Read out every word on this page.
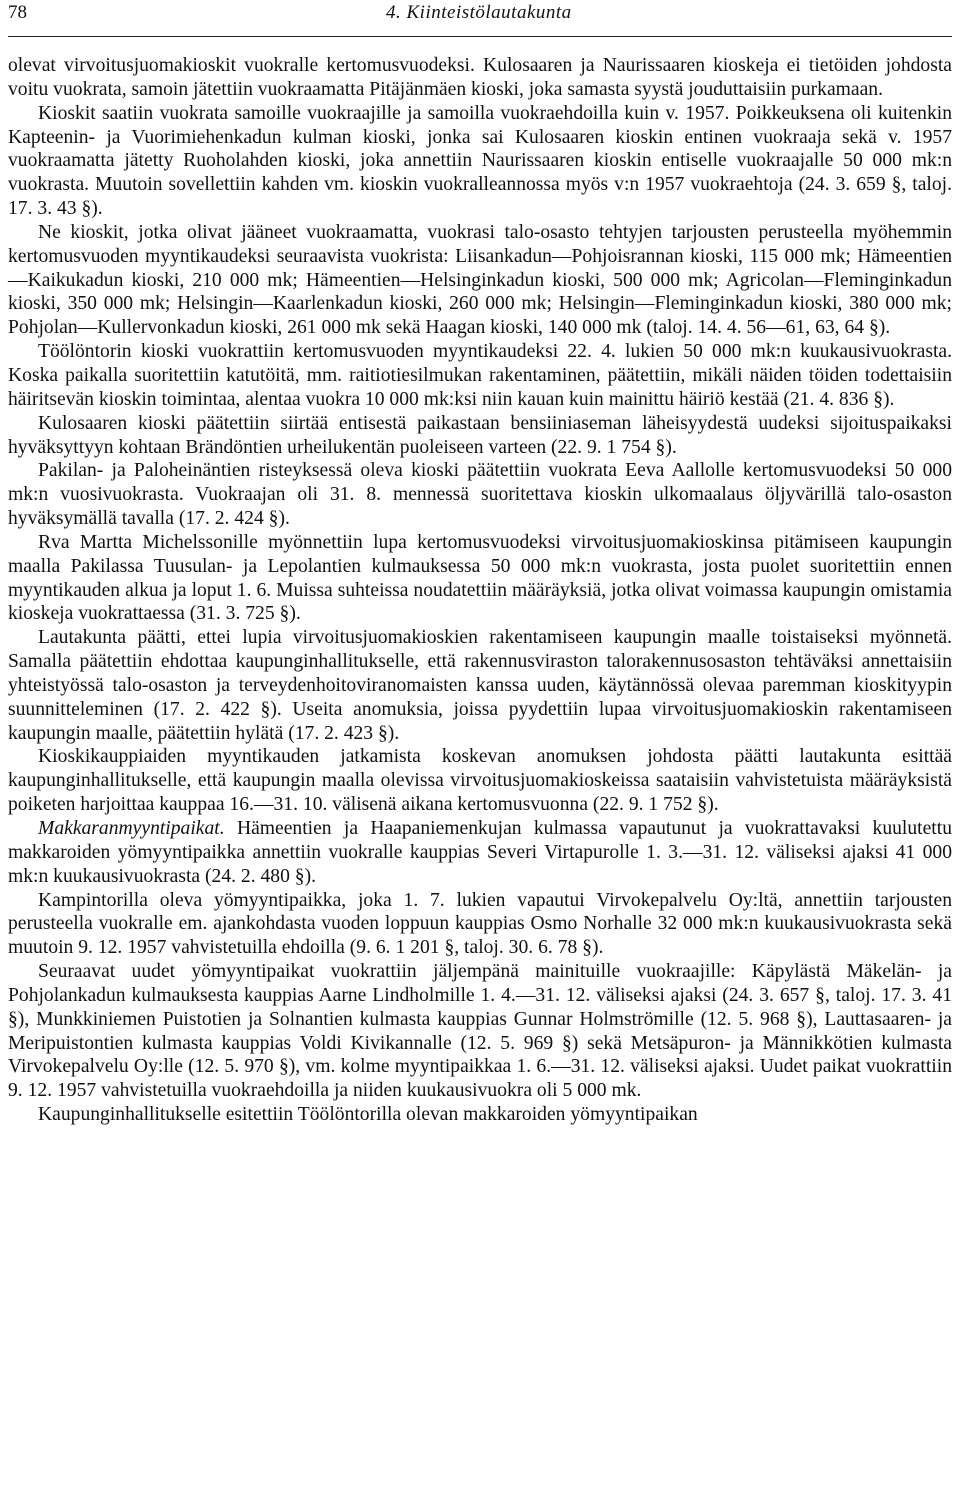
78	4. Kiinteistölautakunta

olevat virvoitusjuomakioskit vuokralle kertomusvuodeksi. Kulosaaren ja Naurissaaren kioskeja ei tietöiden johdosta voitu vuokrata, samoin jätettiin vuokraamatta Pitäjänmäen kioski, joka samasta syystä jouduttaisiin purkamaan.

Kioskit saatiin vuokrata samoille vuokraajille ja samoilla vuokraehdoilla kuin v. 1957. Poikkeuksena oli kuitenkin Kapteenin- ja Vuorimiehenkadun kulman kioski, jonka sai Kulosaaren kioskin entinen vuokraaja sekä v. 1957 vuokraamatta jätetty Ruoholahden kioski, joka annettiin Naurissaaren kioskin entiselle vuokraajalle 50 000 mk:n vuokrasta. Muutoin sovellettiin kahden vm. kioskin vuokralleannossa myös v:n 1957 vuokraehtoja (24. 3. 659 §, taloj. 17. 3. 43 §).

Ne kioskit, jotka olivat jääneet vuokraamatta, vuokrasi talo-osasto tehtyjen tarjousten perusteella myöhemmin kertomusvuoden myyntikaudeksi seuraavista vuokrista: Liisankadun—Pohjoisrannan kioski, 115 000 mk; Hämeentien—Kaikukadun kioski, 210 000 mk; Hämeentien—Helsinginkadun kioski, 500 000 mk; Agricolan—Fleminginkadun kioski, 350 000 mk; Helsingin—Kaarlenkadun kioski, 260 000 mk; Helsingin—Fleminginkadun kioski, 380 000 mk; Pohjolan—Kullervonkadun kioski, 261 000 mk sekä Haagan kioski, 140 000 mk (taloj. 14. 4. 56—61, 63, 64 §).

Töölöntorin kioski vuokrattiin kertomusvuoden myyntikaudeksi 22. 4. lukien 50 000 mk:n kuukausivuokrasta. Koska paikalla suoritettiin katutöitä, mm. raitiotiesilmukan rakentaminen, päätettiin, mikäli näiden töiden todettaisiin häiritsevän kioskin toimintaa, alentaa vuokra 10 000 mk:ksi niin kauan kuin mainittu häiriö kestää (21. 4. 836 §).

Kulosaaren kioski päätettiin siirtää entisestä paikastaan bensiiniaseman läheisyydestä uudeksi sijoituspaikaksi hyväksyttyyn kohtaan Brändöntien urheilukentän puoleiseen varteen (22. 9. 1 754 §).

Pakilan- ja Paloheinäntien risteyksessä oleva kioski päätettiin vuokrata Eeva Aallolle kertomusvuodeksi 50 000 mk:n vuosivuokrasta. Vuokraajan oli 31. 8. mennessä suoritettava kioskin ulkomaalaus öljyvärillä talo-osaston hyväksymällä tavalla (17. 2. 424 §).

Rva Martta Michelssonille myönnettiin lupa kertomusvuodeksi virvoitusjuomakioskinsa pitämiseen kaupungin maalla Pakilassa Tuusulan- ja Lepolantien kulmauksessa 50 000 mk:n vuokrasta, josta puolet suoritettiin ennen myyntikauden alkua ja loput 1. 6. Muissa suhteissa noudatettiin määräyksiä, jotka olivat voimassa kaupungin omistamia kioskeja vuokrattaessa (31. 3. 725 §).

Lautakunta päätti, ettei lupia virvoitusjuomakioskien rakentamiseen kaupungin maalle toistaiseksi myönnetä. Samalla päätettiin ehdottaa kaupunginhallitukselle, että rakennusviraston talorakennusosaston tehtäväksi annettaisiin yhteistyössä talo-osaston ja terveydenhoitoviranomaisten kanssa uuden, käytännössä olevaa paremman kioskityypin suunnitteleminen (17. 2. 422 §). Useita anomuksia, joissa pyydettiin lupaa virvoitusjuomakioskin rakentamiseen kaupungin maalle, päätettiin hylätä (17. 2. 423 §).

Kioskikauppiaiden myyntikauden jatkamista koskevan anomuksen johdosta päätti lautakunta esittää kaupunginhallitukselle, että kaupungin maalla olevissa virvoitusjuomakioskeissa saataisiin vahvistetuista määräyksistä poiketen harjoittaa kauppaa 16.—31. 10. välisenä aikana kertomusvuonna (22. 9. 1 752 §).

Makkaranmyyntipaikat. Hämeentien ja Haapaniemenkujan kulmassa vapautunut ja vuokrattavaksi kuulutettu makkaroiden yömyyntipaikka annettiin vuokralle kauppias Severi Virtapurolle 1. 3.—31. 12. väliseksi ajaksi 41 000 mk:n kuukausivuokrasta (24. 2. 480 §).

Kampintorilla oleva yömyyntipaikka, joka 1. 7. lukien vapautui Virvokepalvelu Oy:ltä, annettiin tarjousten perusteella vuokralle em. ajankohdasta vuoden loppuun kauppias Osmo Norhalle 32 000 mk:n kuukausivuokrasta sekä muutoin 9. 12. 1957 vahvistetuilla ehdoilla (9. 6. 1 201 §, taloj. 30. 6. 78 §).

Seuraavat uudet yömyyntipaikat vuokrattiin jäljempänä mainituille vuokraajille: Käpylästä Mäkelän- ja Pohjolankadun kulmauksesta kauppias Aarne Lindholmille 1. 4.—31. 12. väliseksi ajaksi (24. 3. 657 §, taloj. 17. 3. 41 §), Munkkiniemen Puistotien ja Solnantien kulmasta kauppias Gunnar Holmströmille (12. 5. 968 §), Lauttasaaren- ja Meripuistontien kulmasta kauppias Voldi Kivikannalle (12. 5. 969 §) sekä Metsäpuron- ja Männikkötien kulmasta Virvokepalvelu Oy:lle (12. 5. 970 §), vm. kolme myyntipaikkaa 1. 6.—31. 12. väliseksi ajaksi. Uudet paikat vuokrattiin 9. 12. 1957 vahvistetuilla vuokraehdoilla ja niiden kuukausivuokra oli 5 000 mk.

Kaupunginhallitukselle esitettiin Töölöntorilla olevan makkaroiden yömyyntipaikan
